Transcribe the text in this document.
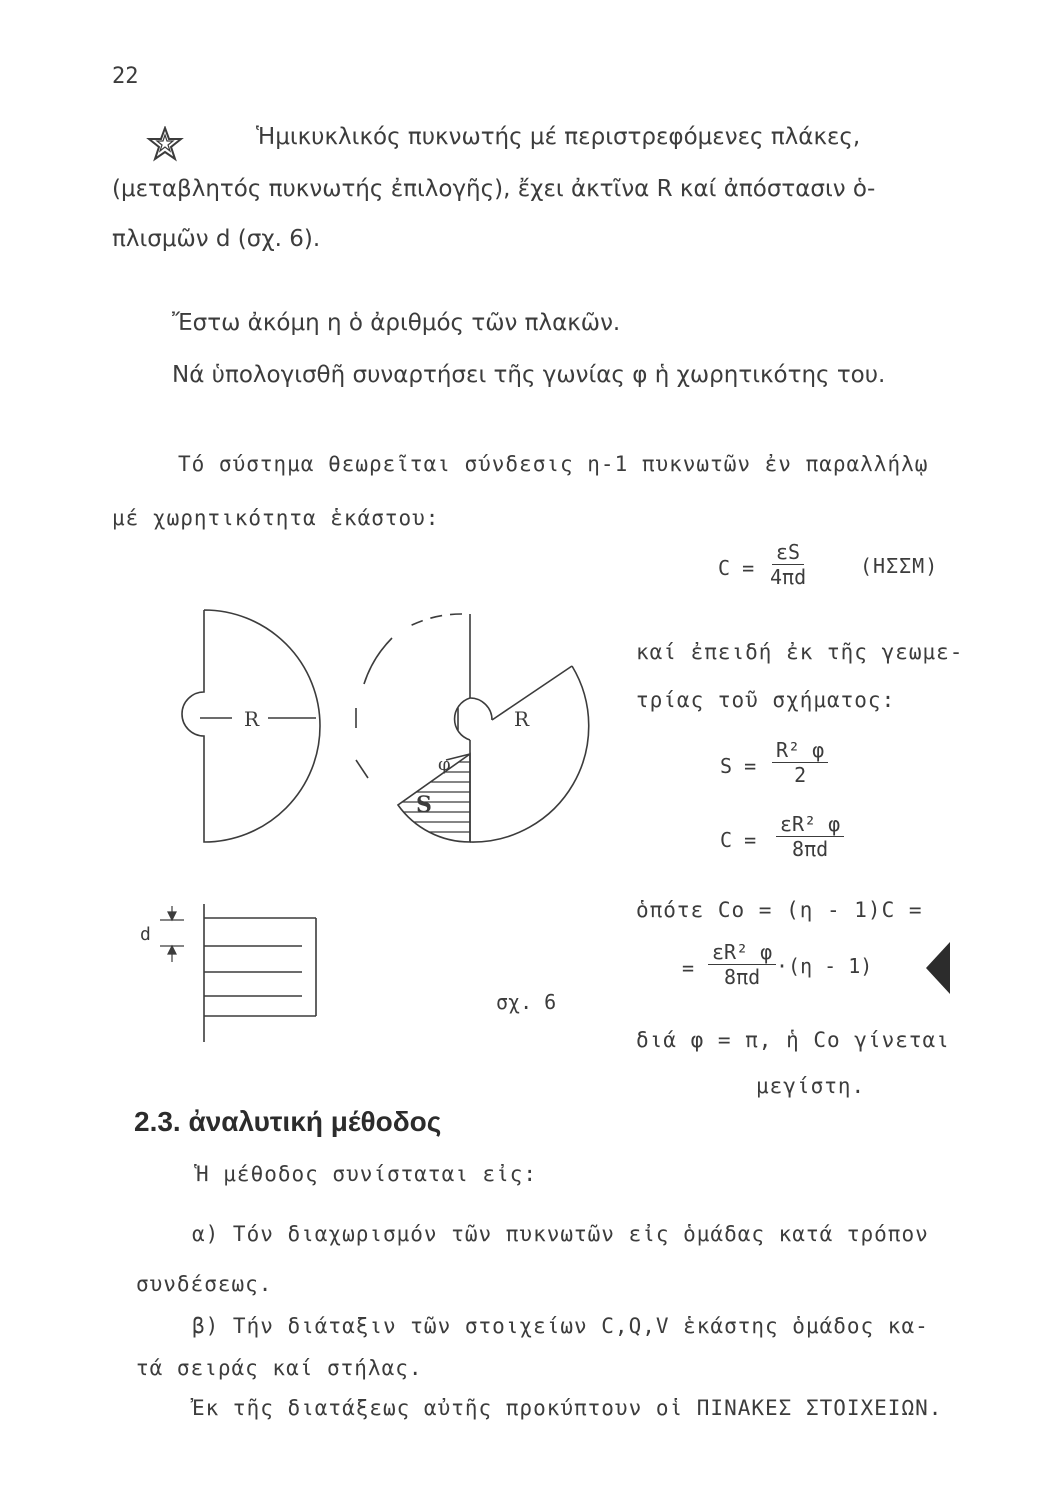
22
Ἡμικυκλικός πυκνωτής μέ περιστρεφόμενες πλάκες,
(μεταβλητός πυκνωτής ἐπιλογῆς), ἔχει ἀκτῖνα R καί ἀπόστασιν ὁ-
πλισμῶν d (σχ. 6).
Ἔστω ἀκόμη η ὁ ἀριθμός τῶν πλακῶν.
Νά ὑπολογισθῆ συναρτήσει τῆς γωνίας φ ἡ χωρητικότης του.
Τό σύστημα θεωρεῖται σύνδεσις η-1 πυκνωτῶν ἐν παραλλήλῳ
μέ χωρητικότητα ἑκάστου:
$C = \frac{\varepsilon S}{4\pi d}$	(ΗΣΣΜ)
R	R
φ
S
d
σχ. 6
καί ἐπειδή ἐκ τῆς γεωμε-
τρίας τοῦ σχήματος:
$S = \frac{\text{R² φ}}{2}$
$C = \frac{\text{εR² φ}}{8\pi d}$
ὁπότε Co = (η - 1)C =
= $\frac{\text{εR² φ}}{8\pi d} \cdot(\eta - 1)$
διά φ = π, ἡ Co γίνεται
μεγίστη.
2.3. ἀναλυτική μέθοδος
Ἡ μέθοδος συνίσταται εἰς:
α) Τόν διαχωρισμόν τῶν πυκνωτῶν εἰς ὁμάδας κατά τρόπον
συνδέσεως.
β) Τήν διάταξιν τῶν στοιχείων C,Q,V ἑκάστης ὁμάδος κα-
τά σειράς καί στήλας.
Ἐκ τῆς διατάξεως αὐτῆς προκύπτουν οἱ ΠΙΝΑΚΕΣ ΣΤΟΙΧΕΙΩΝ.
